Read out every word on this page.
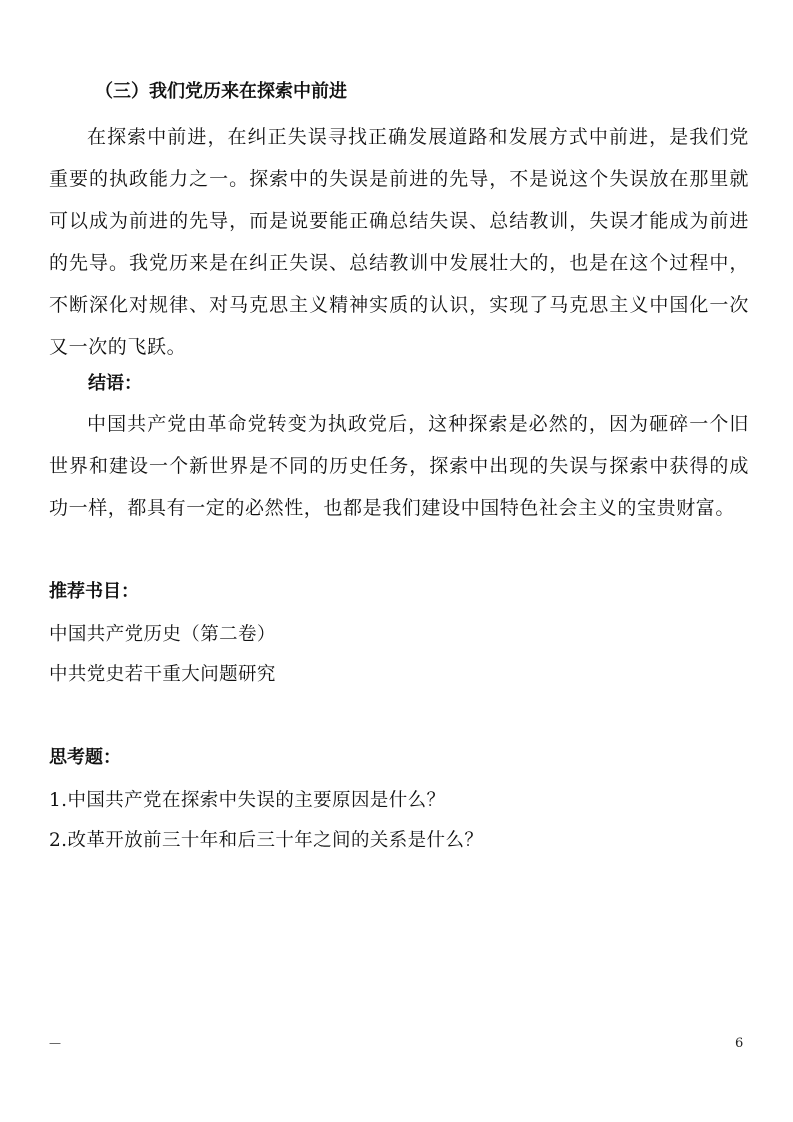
（三）我们党历来在探索中前进

在探索中前进，在纠正失误寻找正确发展道路和发展方式中前进，是我们党重要的执政能力之一。探索中的失误是前进的先导，不是说这个失误放在那里就可以成为前进的先导，而是说要能正确总结失误、总结教训，失误才能成为前进的先导。我党历来是在纠正失误、总结教训中发展壮大的，也是在这个过程中，不断深化对规律、对马克思主义精神实质的认识，实现了马克思主义中国化一次又一次的飞跃。

结语：

中国共产党由革命党转变为执政党后，这种探索是必然的，因为砸碎一个旧世界和建设一个新世界是不同的历史任务，探索中出现的失误与探索中获得的成功一样，都具有一定的必然性，也都是我们建设中国特色社会主义的宝贵财富。

推荐书目：
中国共产党历史（第二卷）
中共党史若干重大问题研究
思考题：
1.中国共产党在探索中失误的主要原因是什么？
2.改革开放前三十年和后三十年之间的关系是什么？
—	6
